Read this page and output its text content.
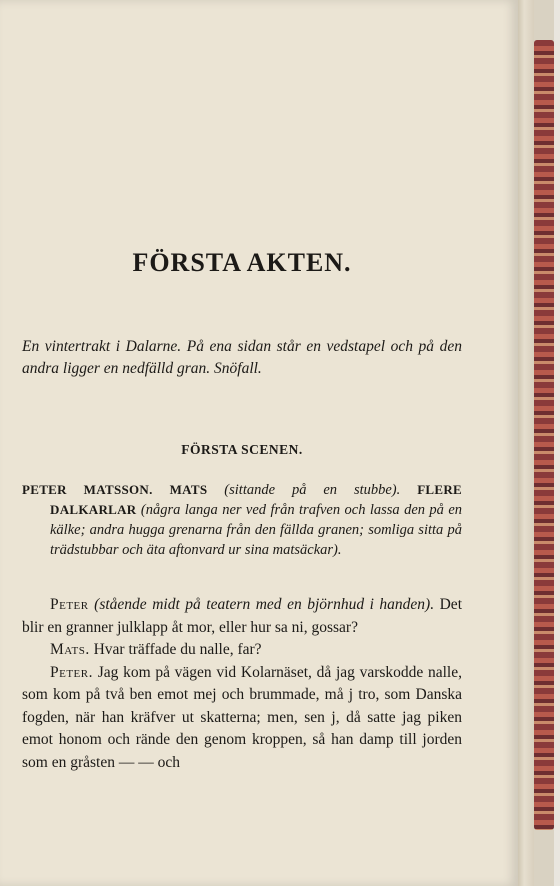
FÖRSTA AKTEN.
En vintertrakt i Dalarne. På ena sidan står en vedstapel och på den andra ligger en nedfälld gran. Snöfall.
FÖRSTA SCENEN.
PETER MATSSON. MATS (sittande på en stubbe). FLERE
DALKARLAR (några langa ner ved från trafven och lassa den på en kälke; andra hugga grenarna från den fällda granen; somliga sitta på trädstubbar och äta aftonvard ur sina matsäckar).

Peter (stående midt på teatern med en björnhud i handen). Det blir en granner julklapp åt mor, eller hur sa ni, gossar?

Mats. Hvar träffade du nalle, far?

Peter. Jag kom på vägen vid Kolarnäset, då jag varskodde nalle, som kom på två ben emot mej och brummade, må j tro, som Danska fogden, när han kräfver ut skatterna; men, sen j, då satte jag piken emot honom och rände den genom kroppen, så han damp till jorden som en gråsten — — och
